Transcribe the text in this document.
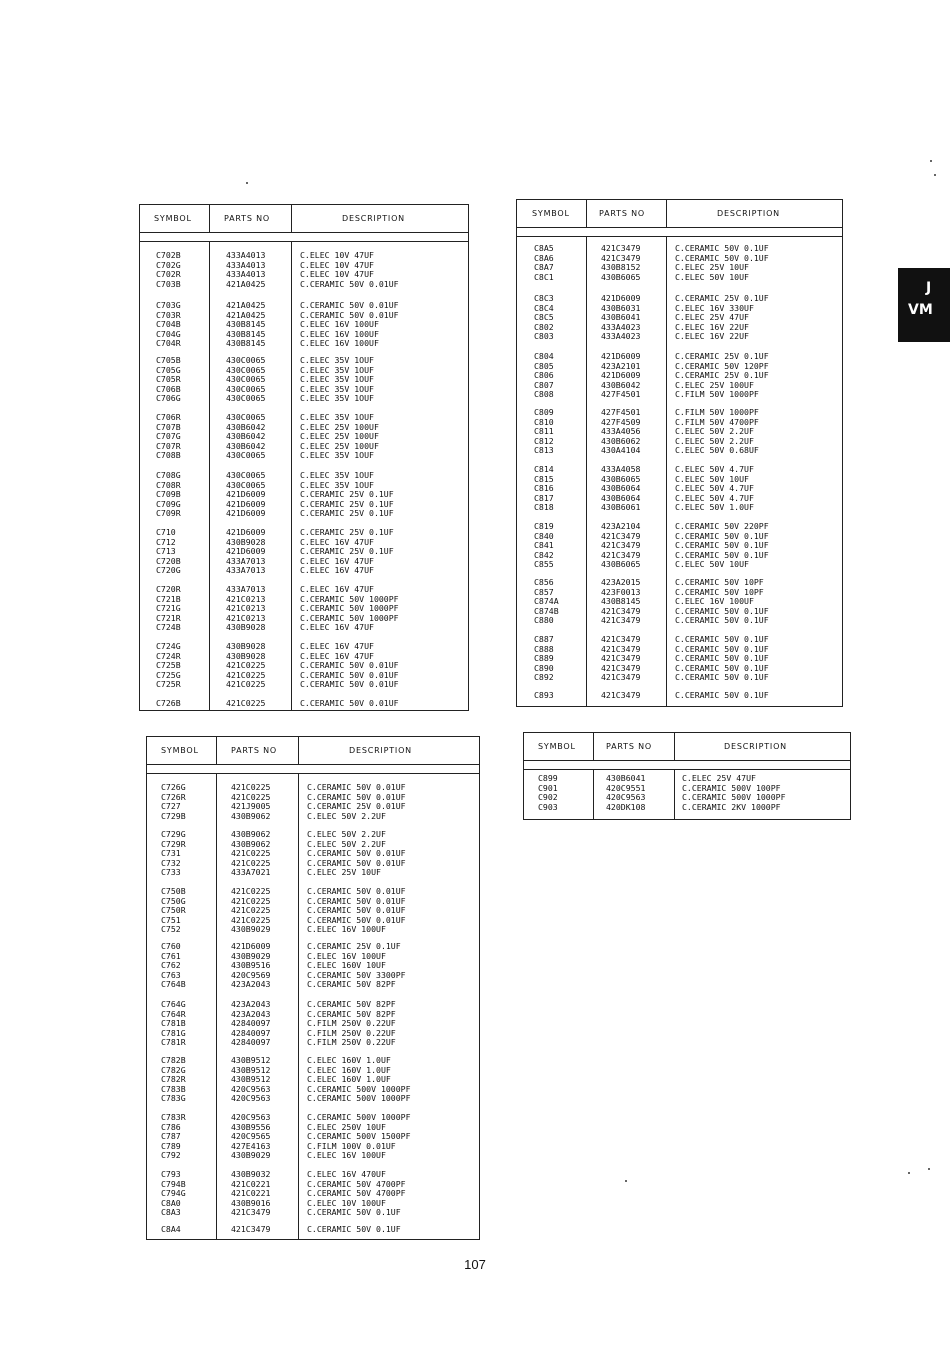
SYMBOL	PARTS NO	DESCRIPTION
C702B	433A4013	C.ELEC 10V 47UF
C702G	433A4013	C.ELEC 10V 47UF
C702R	433A4013	C.ELEC 10V 47UF
C703B	421A0425	C.CERAMIC 50V 0.01UF
C703G	421A0425	C.CERAMIC 50V 0.01UF
C703R	421A0425	C.CERAMIC 50V 0.01UF
C704B	430B8145	C.ELEC 16V 100UF
C704G	430B8145	C.ELEC 16V 100UF
C704R	430B8145	C.ELEC 16V 100UF
C705B	430C0065	C.ELEC 35V 1OUF
C705G	430C0065	C.ELEC 35V 1OUF
C705R	430C0065	C.ELEC 35V 1OUF
C706B	430C0065	C.ELEC 35V 1OUF
C706G	430C0065	C.ELEC 35V 1OUF
C706R	430C0065	C.ELEC 35V 1OUF
C707B	430B6042	C.ELEC 25V 100UF
C707G	430B6042	C.ELEC 25V 100UF
C707R	430B6042	C.ELEC 25V 100UF
C708B	430C0065	C.ELEC 35V 1OUF
C708G	430C0065	C.ELEC 35V 1OUF
C708R	430C0065	C.ELEC 35V 1OUF
C709B	421D6009	C.CERAMIC 25V 0.1UF
C709G	421D6009	C.CERAMIC 25V 0.1UF
C709R	421D6009	C.CERAMIC 25V 0.1UF
C710	421D6009	C.CERAMIC 25V 0.1UF
C712	430B9028	C.ELEC 16V 47UF
C713	421D6009	C.CERAMIC 25V 0.1UF
C720B	433A7013	C.ELEC 16V 47UF
C720G	433A7013	C.ELEC 16V 47UF
C720R	433A7013	C.ELEC 16V 47UF
C721B	421C0213	C.CERAMIC 50V 1000PF
C721G	421C0213	C.CERAMIC 50V 1000PF
C721R	421C0213	C.CERAMIC 50V 1000PF
C724B	430B9028	C.ELEC 16V 47UF
C724G	430B9028	C.ELEC 16V 47UF
C724R	430B9028	C.ELEC 16V 47UF
C725B	421C0225	C.CERAMIC 50V 0.01UF
C725G	421C0225	C.CERAMIC 50V 0.01UF
C725R	421C0225	C.CERAMIC 50V 0.01UF
C726B	421C0225	C.CERAMIC 50V 0.01UF
SYMBOL	PARTS NO	DESCRIPTION
C8A5	421C3479	C.CERAMIC 50V 0.1UF
C8A6	421C3479	C.CERAMIC 50V 0.1UF
C8A7	430B8152	C.ELEC 25V 10UF
C8C1	430B6065	C.ELEC 50V 10UF
C8C3	421D6009	C.CERAMIC 25V 0.1UF
C8C4	430B6031	C.ELEC 16V 330UF
C8C5	430B6041	C.ELEC 25V 47UF
C802	433A4023	C.ELEC 16V 22UF
C803	433A4023	C.ELEC 16V 22UF
C804	421D6009	C.CERAMIC 25V 0.1UF
C805	423A2101	C.CERAMIC 50V 120PF
C806	421D6009	C.CERAMIC 25V 0.1UF
C807	430B6042	C.ELEC 25V 100UF
C808	427F4501	C.FILM 50V 1000PF
C809	427F4501	C.FILM 50V 1000PF
C810	427F4509	C.FILM 50V 4700PF
C811	433A4056	C.ELEC 50V 2.2UF
C812	430B6062	C.ELEC 50V 2.2UF
C813	430A4104	C.ELEC 50V 0.68UF
C814	433A4058	C.ELEC 50V 4.7UF
C815	430B6065	C.ELEC 50V 10UF
C816	430B6064	C.ELEC 50V 4.7UF
C817	430B6064	C.ELEC 50V 4.7UF
C818	430B6061	C.ELEC 50V 1.0UF
C819	423A2104	C.CERAMIC 50V 220PF
C840	421C3479	C.CERAMIC 50V 0.1UF
C841	421C3479	C.CERAMIC 50V 0.1UF
C842	421C3479	C.CERAMIC 50V 0.1UF
C855	430B6065	C.ELEC 50V 10UF
C856	423A2015	C.CERAMIC 50V 10PF
C857	423F0013	C.CERAMIC 50V 10PF
C874A	430B8145	C.ELEC 16V 100UF
C874B	421C3479	C.CERAMIC 50V 0.1UF
C880	421C3479	C.CERAMIC 50V 0.1UF
C887	421C3479	C.CERAMIC 50V 0.1UF
C888	421C3479	C.CERAMIC 50V 0.1UF
C889	421C3479	C.CERAMIC 50V 0.1UF
C890	421C3479	C.CERAMIC 50V 0.1UF
C892	421C3479	C.CERAMIC 50V 0.1UF
C893	421C3479	C.CERAMIC 50V 0.1UF
SYMBOL	PARTS NO	DESCRIPTION
C726G	421C0225	C.CERAMIC 50V 0.01UF
C726R	421C0225	C.CERAMIC 50V 0.01UF
C727	421J9005	C.CERAMIC 25V 0.01UF
C729B	430B9062	C.ELEC 50V 2.2UF
C729G	430B9062	C.ELEC 50V 2.2UF
C729R	430B9062	C.ELEC 50V 2.2UF
C731	421C0225	C.CERAMIC 50V 0.01UF
C732	421C0225	C.CERAMIC 50V 0.01UF
C733	433A7021	C.ELEC 25V 10UF
C750B	421C0225	C.CERAMIC 50V 0.01UF
C750G	421C0225	C.CERAMIC 50V 0.01UF
C750R	421C0225	C.CERAMIC 50V 0.01UF
C751	421C0225	C.CERAMIC 50V 0.01UF
C752	430B9029	C.ELEC 16V 100UF
C760	421D6009	C.CERAMIC 25V 0.1UF
C761	430B9029	C.ELEC 16V 100UF
C762	430B9516	C.ELEC 160V 10UF
C763	420C9569	C.CERAMIC 50V 3300PF
C764B	423A2043	C.CERAMIC 50V 82PF
C764G	423A2043	C.CERAMIC 50V 82PF
C764R	423A2043	C.CERAMIC 50V 82PF
C781B	42840097	C.FILM 250V 0.22UF
C781G	42840097	C.FILM 250V 0.22UF
C781R	42840097	C.FILM 250V 0.22UF
C782B	430B9512	C.ELEC 160V 1.0UF
C782G	430B9512	C.ELEC 160V 1.0UF
C782R	430B9512	C.ELEC 160V 1.0UF
C783B	420C9563	C.CERAMIC 500V 1000PF
C783G	420C9563	C.CERAMIC 500V 1000PF
C783R	420C9563	C.CERAMIC 500V 1000PF
C786	430B9556	C.ELEC 250V 10UF
C787	420C9565	C.CERAMIC 500V 1500PF
C789	427E4163	C.FILM 100V 0.01UF
C792	430B9029	C.ELEC 16V 100UF
C793	430B9032	C.ELEC 16V 470UF
C794B	421C0221	C.CERAMIC 50V 4700PF
C794G	421C0221	C.CERAMIC 50V 4700PF
C8A0	430B9016	C.ELEC 10V 100UF
C8A3	421C3479	C.CERAMIC 50V 0.1UF
C8A4	421C3479	C.CERAMIC 50V 0.1UF
SYMBOL	PARTS NO	DESCRIPTION
C899	430B6041	C.ELEC 25V 47UF
C901	420C9551	C.CERAMIC 500V 100PF
C902	420C9563	C.CERAMIC 500V 1000PF
C903	420DK108	C.CERAMIC 2KV 1000PF
107
J
VM
